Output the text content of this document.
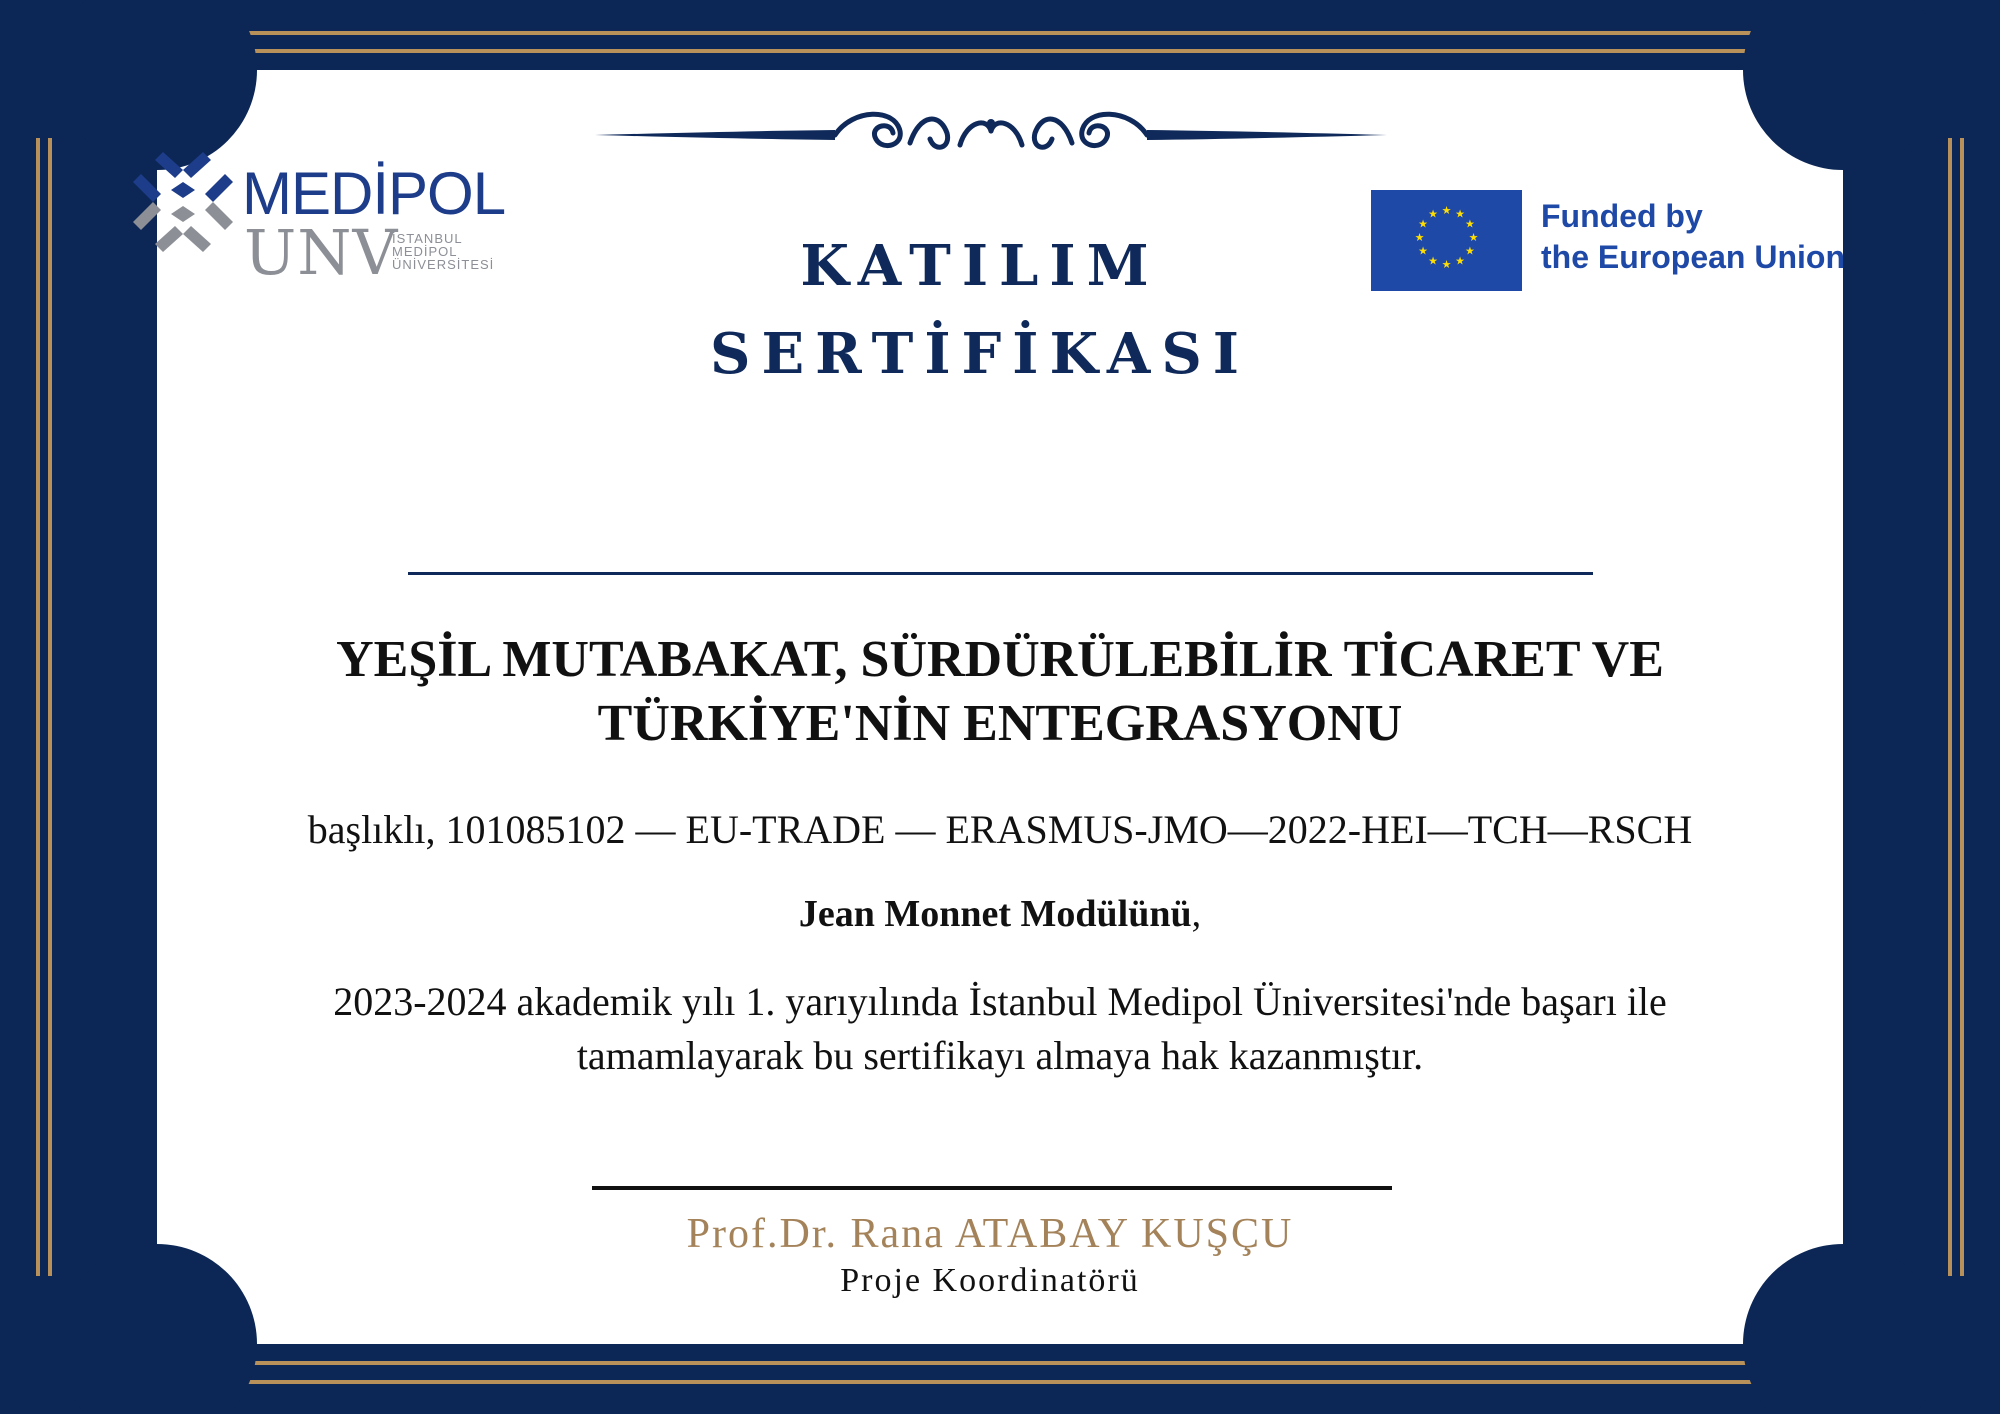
MEDİPOL
UNV
İSTANBUL
MEDİPOL
ÜNİVERSİTESİ
★ ★
★
★
★
★
★
★
★
★
★
★	Funded by
the European Union
KATILIM
SERTİFİKASI
YEŞİL MUTABAKAT, SÜRDÜRÜLEBİLİR TİCARET VE
TÜRKİYE'NİN ENTEGRASYONU
başlıklı, 101085102 — EU-TRADE — ERASMUS-JMO—2022-HEI—TCH—RSCH
Jean Monnet Modülünü,
2023-2024 akademik yılı 1. yarıyılında İstanbul Medipol Üniversitesi'nde başarı ile
tamamlayarak bu sertifikayı almaya hak kazanmıştır.
Prof.Dr. Rana ATABAY KUŞÇU
Proje Koordinatörü
